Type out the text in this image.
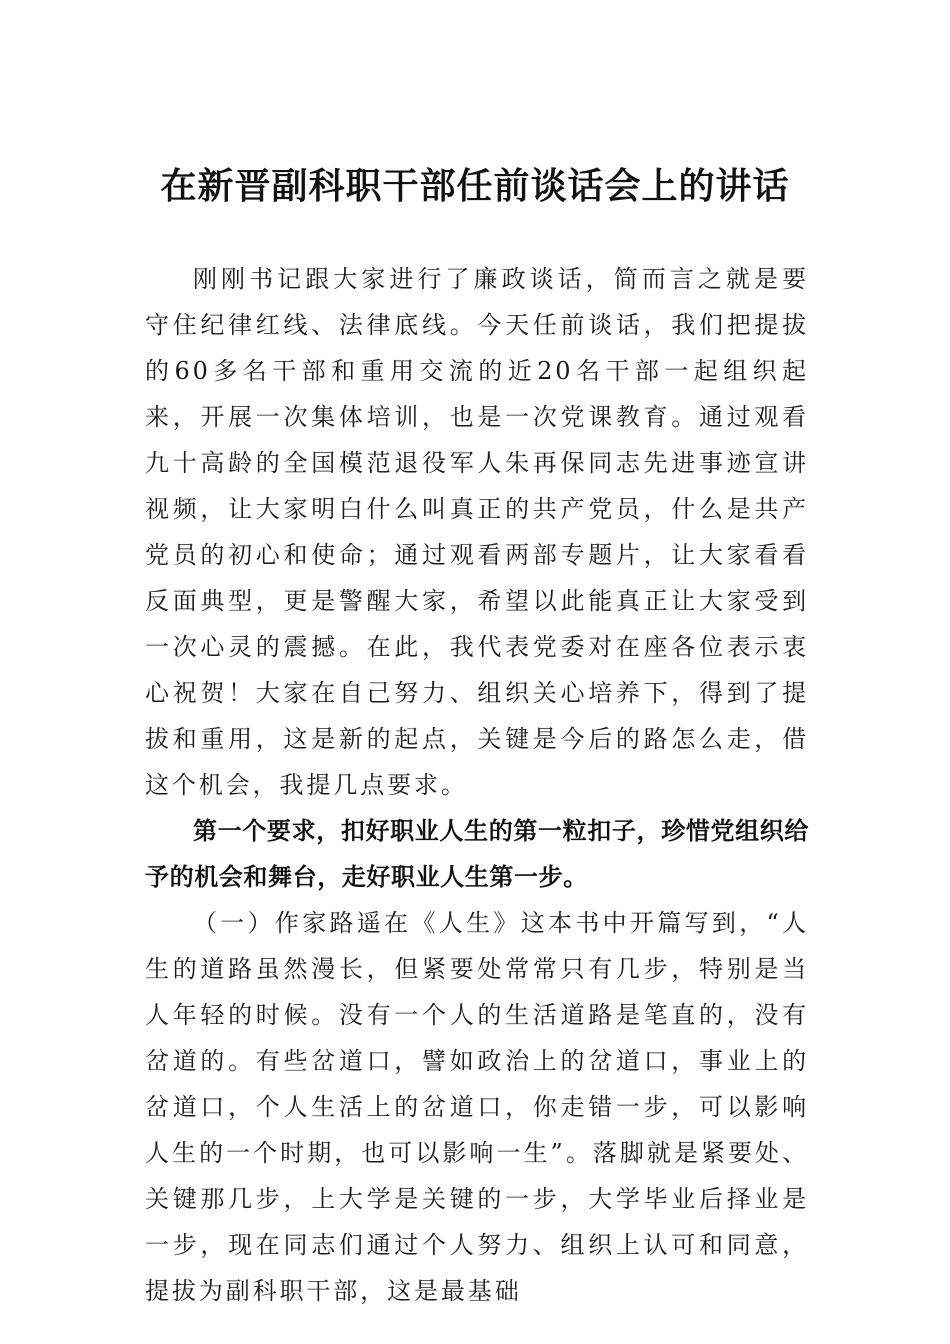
在新晋副科职干部任前谈话会上的讲话

刚刚书记跟大家进行了廉政谈话，简而言之就是要守住纪律红线、法律底线。今天任前谈话，我们把提拔的60多名干部和重用交流的近20名干部一起组织起来，开展一次集体培训，也是一次党课教育。通过观看九十高龄的全国模范退役军人朱再保同志先进事迹宣讲视频，让大家明白什么叫真正的共产党员，什么是共产党员的初心和使命；通过观看两部专题片，让大家看看反面典型，更是警醒大家，希望以此能真正让大家受到一次心灵的震撼。在此，我代表党委对在座各位表示衷心祝贺！大家在自己努力、组织关心培养下，得到了提拔和重用，这是新的起点，关键是今后的路怎么走，借这个机会，我提几点要求。

第一个要求，扣好职业人生的第一粒扣子，珍惜党组织给予的机会和舞台，走好职业人生第一步。

（一）作家路遥在《人生》这本书中开篇写到，“人生的道路虽然漫长，但紧要处常常只有几步，特别是当人年轻的时候。没有一个人的生活道路是笔直的，没有岔道的。有些岔道口，譬如政治上的岔道口，事业上的岔道口，个人生活上的岔道口，你走错一步，可以影响人生的一个时期，也可以影响一生”。落脚就是紧要处、关键那几步，上大学是关键的一步，大学毕业后择业是一步，现在同志们通过个人努力、组织上认可和同意，提拔为副科职干部，这是最基础
